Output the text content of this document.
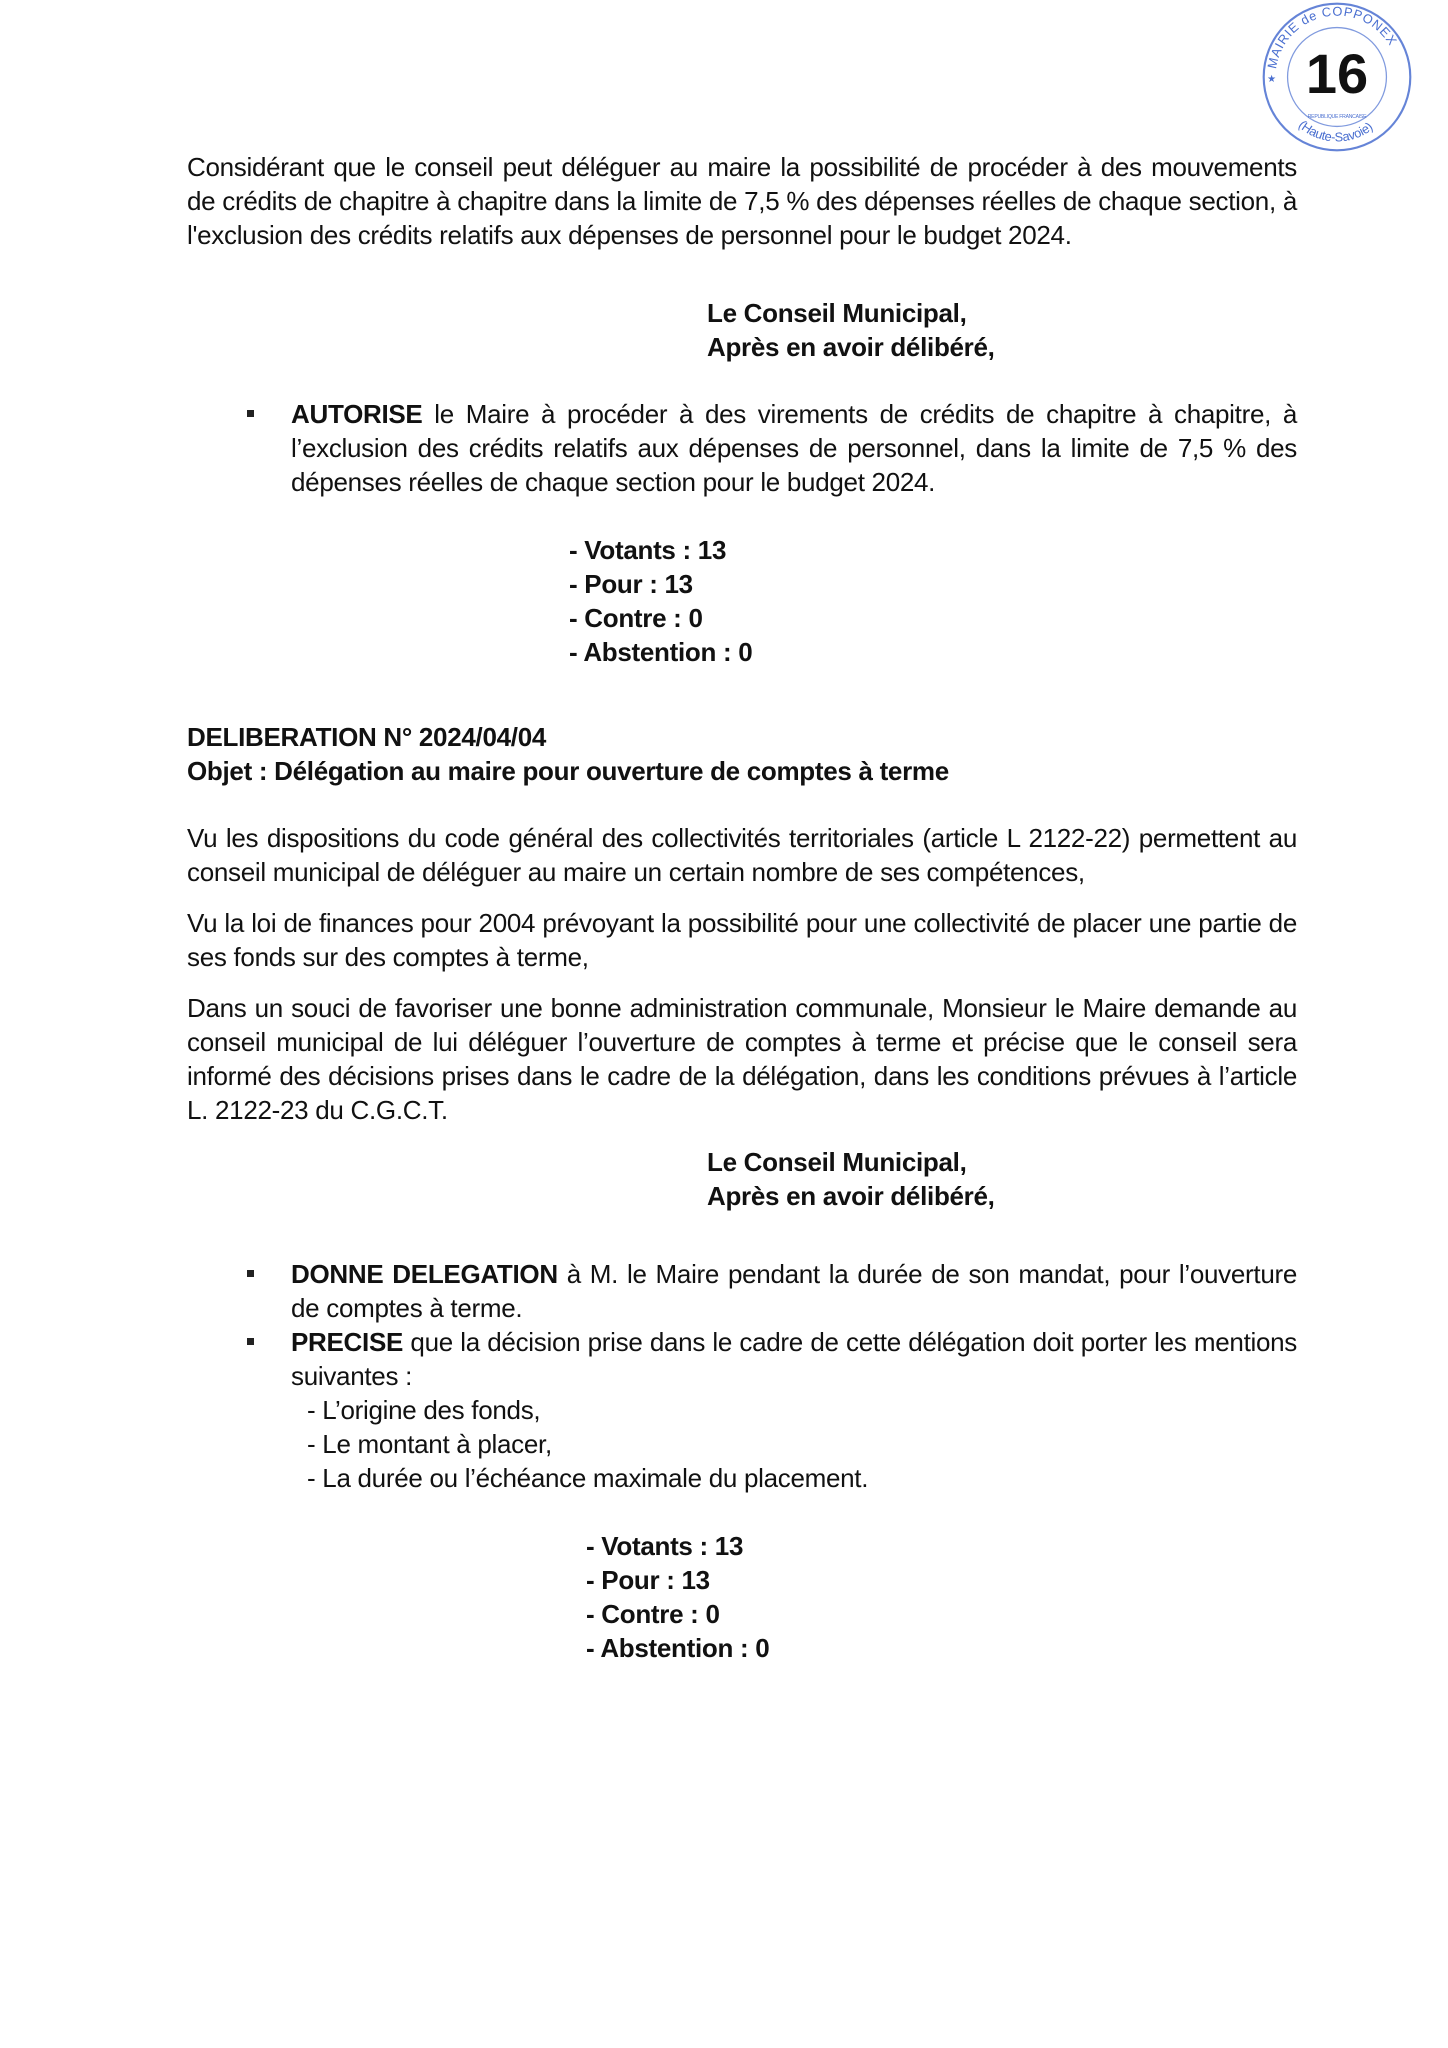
MAIRIE de COPPONEX
(Haute-Savoie)
★
REPUBLIQUE FRANCAISE
16
Considérant que le conseil peut déléguer au maire la possibilité de procéder à des mouvements de crédits de chapitre à chapitre dans la limite de 7,5 % des dépenses réelles de chaque section, à l'exclusion des crédits relatifs aux dépenses de personnel pour le budget 2024.
Le Conseil Municipal,
Après en avoir délibéré,
AUTORISE le Maire à procéder à des virements de crédits de chapitre à chapitre, à l’exclusion des crédits relatifs aux dépenses de personnel, dans la limite de 7,5 % des dépenses réelles de chaque section pour le budget 2024.
- Votants : 13
- Pour : 13
- Contre : 0
- Abstention : 0
DELIBERATION N° 2024/04/04
Objet : Délégation au maire pour ouverture de comptes à terme

Vu les dispositions du code général des collectivités territoriales (article L 2122-22) permettent au conseil municipal de déléguer au maire un certain nombre de ses compétences,

Vu la loi de finances pour 2004 prévoyant la possibilité pour une collectivité de placer une partie de ses fonds sur des comptes à terme,

Dans un souci de favoriser une bonne administration communale, Monsieur le Maire demande au conseil municipal de lui déléguer l’ouverture de comptes à terme et précise que le conseil sera informé des décisions prises dans le cadre de la délégation, dans les conditions prévues à l’article L. 2122-23 du C.G.C.T.

Le Conseil Municipal,
Après en avoir délibéré,
DONNE DELEGATION à M. le Maire pendant la durée de son mandat, pour l’ouverture de comptes à terme.
PRECISE que la décision prise dans le cadre de cette délégation doit porter les mentions suivantes :
- L’origine des fonds,
- Le montant à placer,
- La durée ou l’échéance maximale du placement.
- Votants : 13
- Pour : 13
- Contre : 0
- Abstention : 0
